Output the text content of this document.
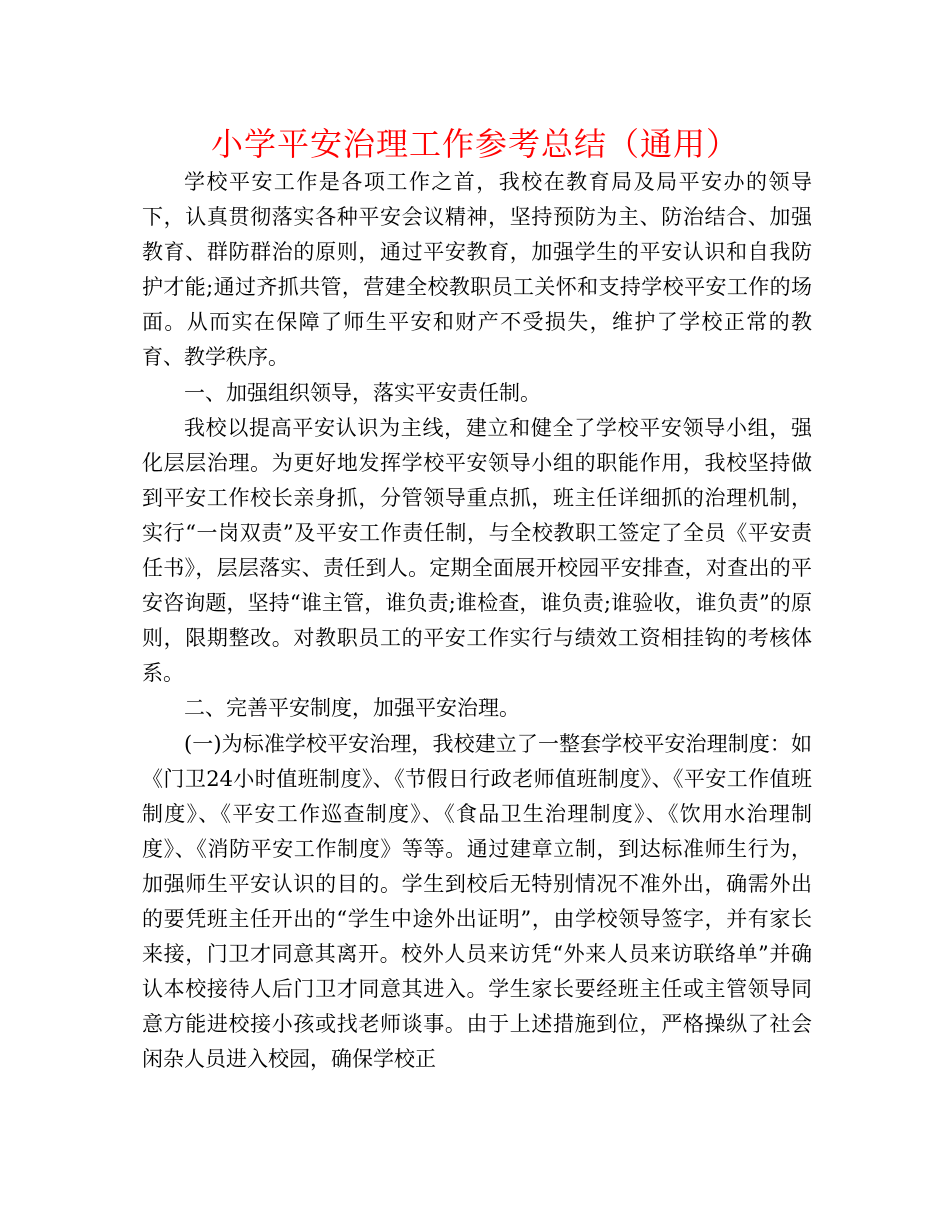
小学平安治理工作参考总结（通用）

学校平安工作是各项工作之首，我校在教育局及局平安办的领导下，认真贯彻落实各种平安会议精神，坚持预防为主、防治结合、加强教育、群防群治的原则，通过平安教育，加强学生的平安认识和自我防护才能;通过齐抓共管，营建全校教职员工关怀和支持学校平安工作的场面。从而实在保障了师生平安和财产不受损失，维护了学校正常的教育、教学秩序。

一、加强组织领导，落实平安责任制。

我校以提高平安认识为主线，建立和健全了学校平安领导小组，强化层层治理。为更好地发挥学校平安领导小组的职能作用，我校坚持做到平安工作校长亲身抓，分管领导重点抓，班主任详细抓的治理机制，实行“一岗双责”及平安工作责任制，与全校教职工签定了全员《平安责任书》，层层落实、责任到人。定期全面展开校园平安排查，对查出的平安咨询题，坚持“谁主管，谁负责;谁检查，谁负责;谁验收，谁负责”的原则，限期整改。对教职员工的平安工作实行与绩效工资相挂钩的考核体系。

二、完善平安制度，加强平安治理。

(一)为标准学校平安治理，我校建立了一整套学校平安治理制度：如《门卫24小时值班制度》、《节假日行政老师值班制度》、《平安工作值班制度》、《平安工作巡查制度》、《食品卫生治理制度》、《饮用水治理制度》、《消防平安工作制度》等等。通过建章立制，到达标准师生行为，加强师生平安认识的目的。学生到校后无特别情况不准外出，确需外出的要凭班主任开出的“学生中途外出证明”，由学校领导签字，并有家长来接，门卫才同意其离开。校外人员来访凭“外来人员来访联络单”并确认本校接待人后门卫才同意其进入。学生家长要经班主任或主管领导同意方能进校接小孩或找老师谈事。由于上述措施到位，严格操纵了社会闲杂人员进入校园，确保学校正
